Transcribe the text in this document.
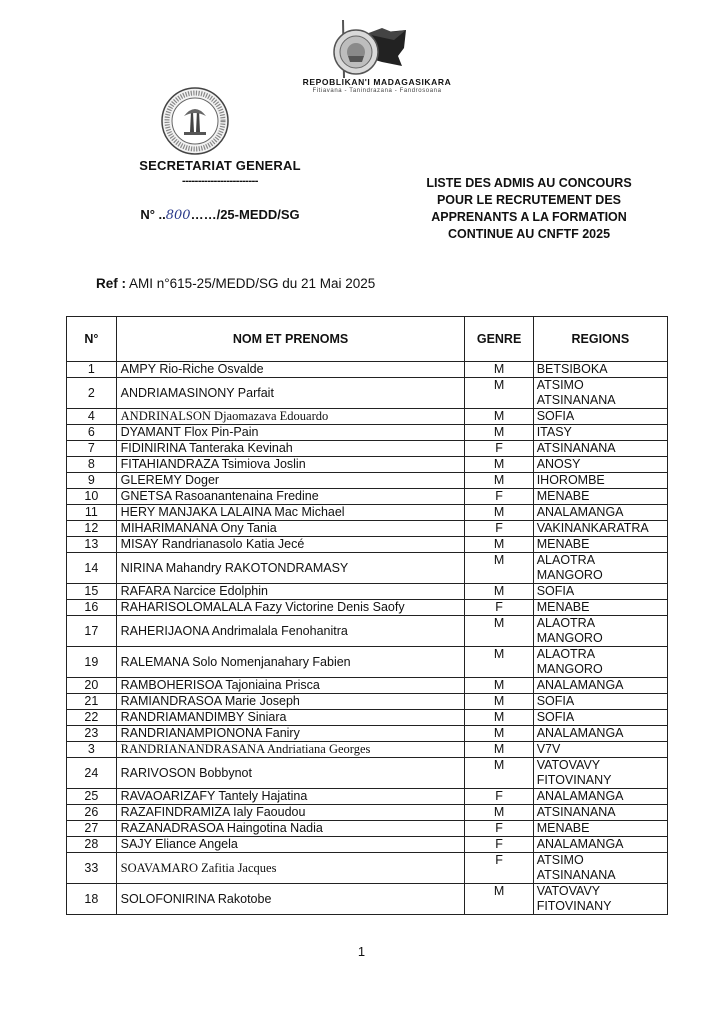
REPOBLIKAN'I MADAGASIKARA
Fitiavana - Tanindrazana - Fandrosoana
SECRETARIAT GENERAL
------------------------
N° ..800……/25-MEDD/SG
LISTE DES ADMIS AU CONCOURS
POUR LE RECRUTEMENT DES
APPRENANTS A LA FORMATION
CONTINUE AU CNFTF 2025
Ref : AMI n°615-25/MEDD/SG du 21 Mai 2025
N°	NOM ET PRENOMS	GENRE	REGIONS
1	AMPY Rio-Riche Osvalde	M	BETSIBOKA

2	ANDRIAMASINONY Parfait	M	ATSIMO
ATSINANANA

4	ANDRINALSON Djaomazava Edouardo	M	SOFIA

6	DYAMANT Flox Pin-Pain	M	ITASY

7	FIDINIRINA Tanteraka Kevinah	F	ATSINANANA

8	FITAHIANDRAZA Tsimiova Joslin	M	ANOSY

9	GLEREMY Doger	M	IHOROMBE

10	GNETSA Rasoanantenaina Fredine	F	MENABE

11	HERY MANJAKA LALAINA Mac Michael	M	ANALAMANGA

12	MIHARIMANANA Ony Tania	F	VAKINANKARATRA

13	MISAY Randrianasolo Katia Jecé	M	MENABE

14	NIRINA Mahandry RAKOTONDRAMASY	M	ALAOTRA
MANGORO

15	RAFARA Narcice Edolphin	M	SOFIA

16	RAHARISOLOMALALA Fazy Victorine Denis Saofy	F	MENABE

17	RAHERIJAONA Andrimalala Fenohanitra	M	ALAOTRA
MANGORO

19	RALEMANA Solo Nomenjanahary Fabien	M	ALAOTRA
MANGORO

20	RAMBOHERISOA Tajoniaina Prisca	M	ANALAMANGA

21	RAMIANDRASOA Marie Joseph	M	SOFIA

22	RANDRIAMANDIMBY Siniara	M	SOFIA

23	RANDRIANAMPIONONA Faniry	M	ANALAMANGA

3	RANDRIANANDRASANA Andriatiana Georges	M	V7V

24	RARIVOSON Bobbynot	M	VATOVAVY
FITOVINANY

25	RAVAOARIZAFY Tantely Hajatina	F	ANALAMANGA

26	RAZAFINDRAMIZA Ialy Faoudou	M	ATSINANANA

27	RAZANADRASOA Haingotina Nadia	F	MENABE

28	SAJY Eliance Angela	F	ANALAMANGA

33	SOAVAMARO Zafitia Jacques	F	ATSIMO
ATSINANANA

18	SOLOFONIRINA Rakotobe	M	VATOVAVY
FITOVINANY
1
